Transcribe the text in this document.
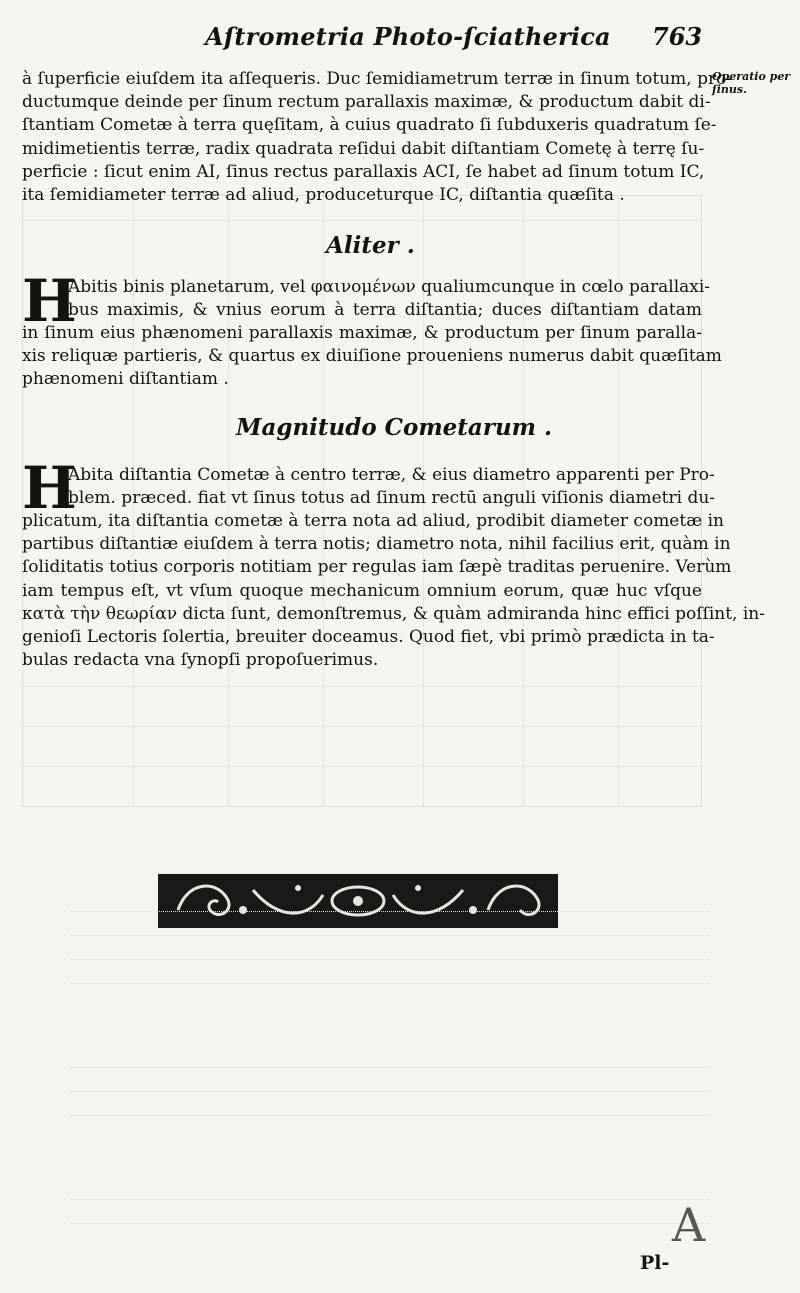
Aſtrometria Photo-ſciatherica 763
Operatio per ſinus.
à ſuperficie eiuſdem ita aſſequeris. Duc ſemidiametrum terræ in ſinum totum, pro-
ductumque deinde per ſinum rectum parallaxis maximæ, & productum dabit di-
ſtantiam Cometæ à terra quęſitam, à cuius quadrato ſi ſubduxeris quadratum ſe-
midimetientis terræ, radix quadrata reſidui dabit diſtantiam Cometę à terrę ſu-
perficie : ſicut enim AI, ſinus rectus parallaxis ACI, ſe habet ad ſinum totum IC,
ita ſemidiameter terræ ad aliud, produceturque IC, diſtantia quæſita .
Aliter .
H
Abitis binis planetarum, vel φαινομένων qualiumcunque in cœlo parallaxi-
bus maximis, & vnius eorum à terra diſtantia; duces diſtantiam datam
in ſinum eius phænomeni parallaxis maximæ, & productum per ſinum paralla-
xis reliquæ partieris, & quartus ex diuiſione proueniens numerus dabit quæſitam
phænomeni diſtantiam .
Magnitudo Cometarum .
H
Abita diſtantia Cometæ à centro terræ, & eius diametro apparenti per Pro-
blem. præced. fiat vt ſinus totus ad ſinum rectū anguli viſionis diametri du-
plicatum, ita diſtantia cometæ à terra nota ad aliud, prodibit diameter cometæ in
partibus diſtantiæ eiuſdem à terra notis; diametro nota, nihil facilius erit, quàm in
ſoliditatis totius corporis notitiam per regulas iam ſæpè traditas peruenire. Verùm
iam tempus eſt, vt vſum quoque mechanicum omnium eorum, quæ huc vſque
κατὰ τὴν θεωρίαν dicta ſunt, demonſtremus, & quàm admiranda hinc effici poſſint, in-
genioſi Lectoris ſolertia, breuiter doceamus. Quod fiet, vbi primò prædicta in ta-
bulas redacta vna ſynopſi propoſuerimus.
A
Pl-
